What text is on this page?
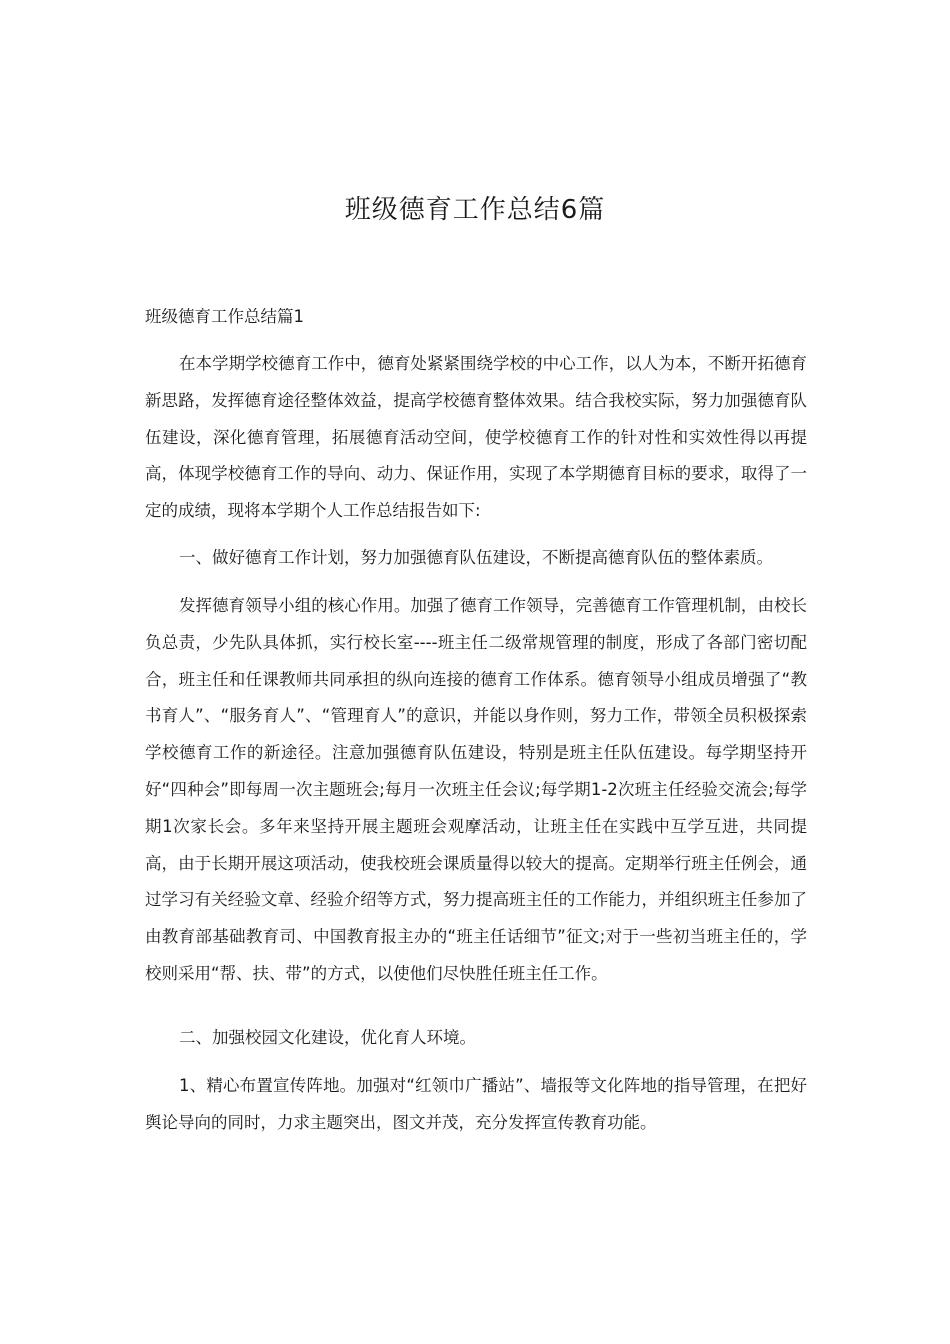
班级德育工作总结6篇
班级德育工作总结篇1

在本学期学校德育工作中，德育处紧紧围绕学校的中心工作，以人为本，不断开拓德育新思路，发挥德育途径整体效益，提高学校德育整体效果。结合我校实际，努力加强德育队伍建设，深化德育管理，拓展德育活动空间，使学校德育工作的针对性和实效性得以再提高，体现学校德育工作的导向、动力、保证作用，实现了本学期德育目标的要求，取得了一定的成绩，现将本学期个人工作总结报告如下:

一、做好德育工作计划，努力加强德育队伍建设，不断提高德育队伍的整体素质。

发挥德育领导小组的核心作用。加强了德育工作领导，完善德育工作管理机制，由校长负总责，少先队具体抓，实行校长室----班主任二级常规管理的制度，形成了各部门密切配合，班主任和任课教师共同承担的纵向连接的德育工作体系。德育领导小组成员增强了“教书育人”、“服务育人”、“管理育人”的意识，并能以身作则，努力工作，带领全员积极探索学校德育工作的新途径。注意加强德育队伍建设，特别是班主任队伍建设。每学期坚持开好“四种会”即每周一次主题班会;每月一次班主任会议;每学期1-2次班主任经验交流会;每学期1次家长会。多年来坚持开展主题班会观摩活动，让班主任在实践中互学互进，共同提高，由于长期开展这项活动，使我校班会课质量得以较大的提高。定期举行班主任例会，通过学习有关经验文章、经验介绍等方式，努力提高班主任的工作能力，并组织班主任参加了由教育部基础教育司、中国教育报主办的“班主任话细节”征文;对于一些初当班主任的，学校则采用“帮、扶、带”的方式，以使他们尽快胜任班主任工作。

二、加强校园文化建设，优化育人环境。

1、精心布置宣传阵地。加强对“红领巾广播站”、墙报等文化阵地的指导管理，在把好舆论导向的同时，力求主题突出，图文并茂，充分发挥宣传教育功能。
